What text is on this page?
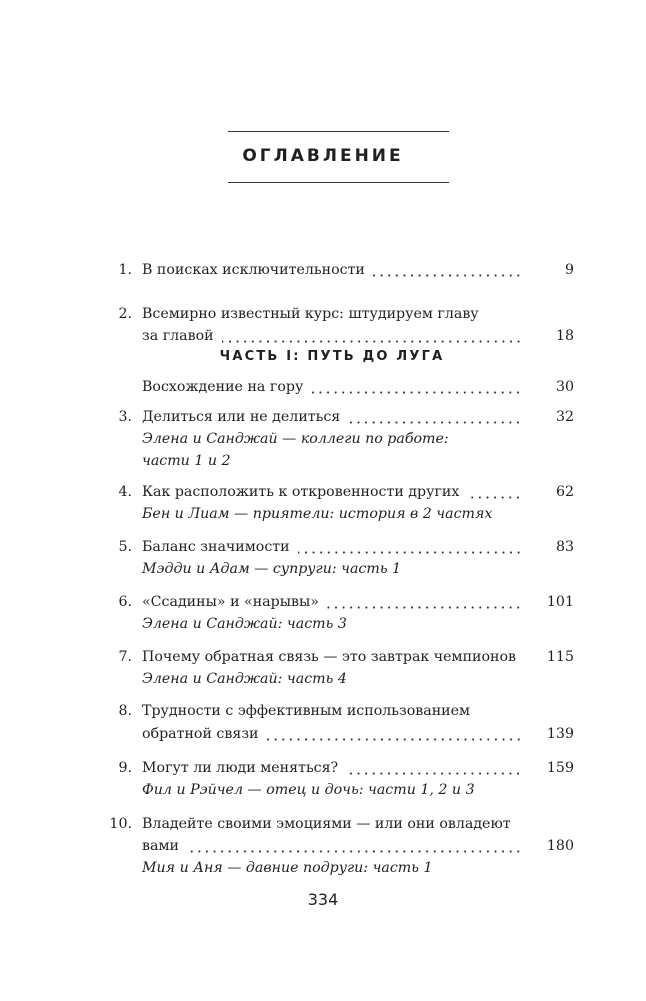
ОГЛАВЛЕНИЕ
ЧАСТЬ I: ПУТЬ ДО ЛУГА
1. В поисках исключительности	9
2. Всемирно известный курс: штудируем главу
за главой	18
Восхождение на гору	30
3. Делиться или не делиться	32
Элена и Санджай — коллеги по работе:
части 1 и 2
4. Как расположить к откровенности других	62
Бен и Лиам — приятели: история в 2 частях
5. Баланс значимости	83
Мэдди и Адам — супруги: часть 1
6. «Ссадины» и «нарывы»	101
Элена и Санджай: часть 3
7. Почему обратная связь — это завтрак чемпионов	115
Элена и Санджай: часть 4
8. Трудности с эффективным использованием
обратной связи	139
9. Могут ли люди меняться?	159
Фил и Рэйчел — отец и дочь: части 1, 2 и 3
10. Владейте своими эмоциями — или они овладеют
вами	180
Мия и Аня — давние подруги: часть 1
334
